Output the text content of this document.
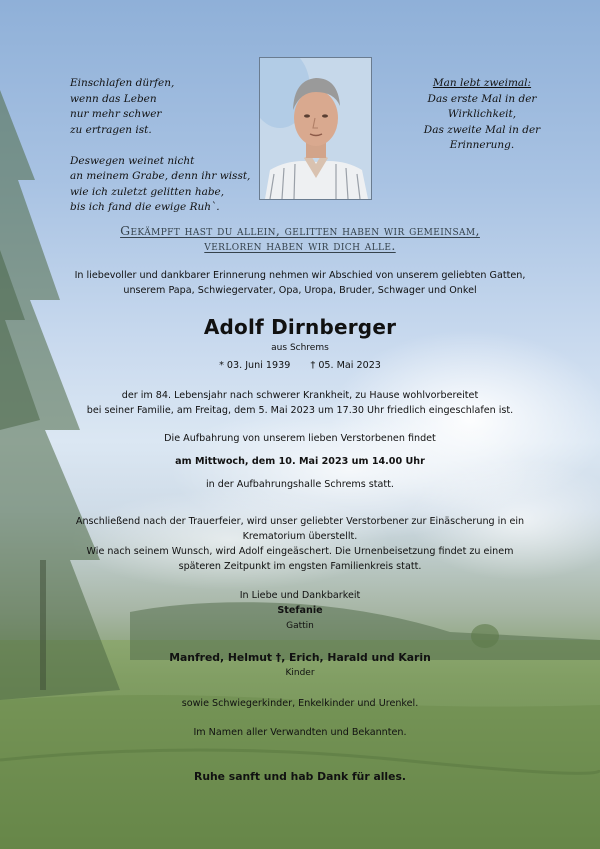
Einschlafen dürfen,
wenn das Leben
nur mehr schwer
zu ertragen ist.
Deswegen weinet nicht
an meinem Grabe, denn ihr wisst,
wie ich zuletzt gelitten habe,
bis ich fand die ewige Ruh`.
Man lebt zweimal:
Das erste Mal in der
Wirklichkeit,
Das zweite Mal in der
Erinnerung.
Gekämpft hast du allein, gelitten haben wir gemeinsam,
verloren haben wir dich alle.
In liebevoller und dankbarer Erinnerung nehmen wir Abschied von unserem geliebten Gatten,
unserem Papa, Schwiegervater, Opa, Uropa, Bruder, Schwager und Onkel
Adolf Dirnberger
aus Schrems
* 03. Juni 1939 † 05. Mai 2023
der im 84. Lebensjahr nach schwerer Krankheit, zu Hause wohlvorbereitet
bei seiner Familie, am Freitag, dem 5. Mai 2023 um 17.30 Uhr friedlich eingeschlafen ist.
Die Aufbahrung von unserem lieben Verstorbenen findet
am Mittwoch, dem 10. Mai 2023 um 14.00 Uhr
in der Aufbahrungshalle Schrems statt.
Anschließend nach der Trauerfeier, wird unser geliebter Verstorbener zur Einäscherung in ein
Krematorium überstellt.
Wie nach seinem Wunsch, wird Adolf eingeäschert. Die Urnenbeisetzung findet zu einem
späteren Zeitpunkt im engsten Familienkreis statt.
In Liebe und Dankbarkeit
Stefanie
Gattin
Manfred, Helmut †, Erich, Harald und Karin
Kinder
sowie Schwiegerkinder, Enkelkinder und Urenkel.
Im Namen aller Verwandten und Bekannten.
Ruhe sanft und hab Dank für alles.
